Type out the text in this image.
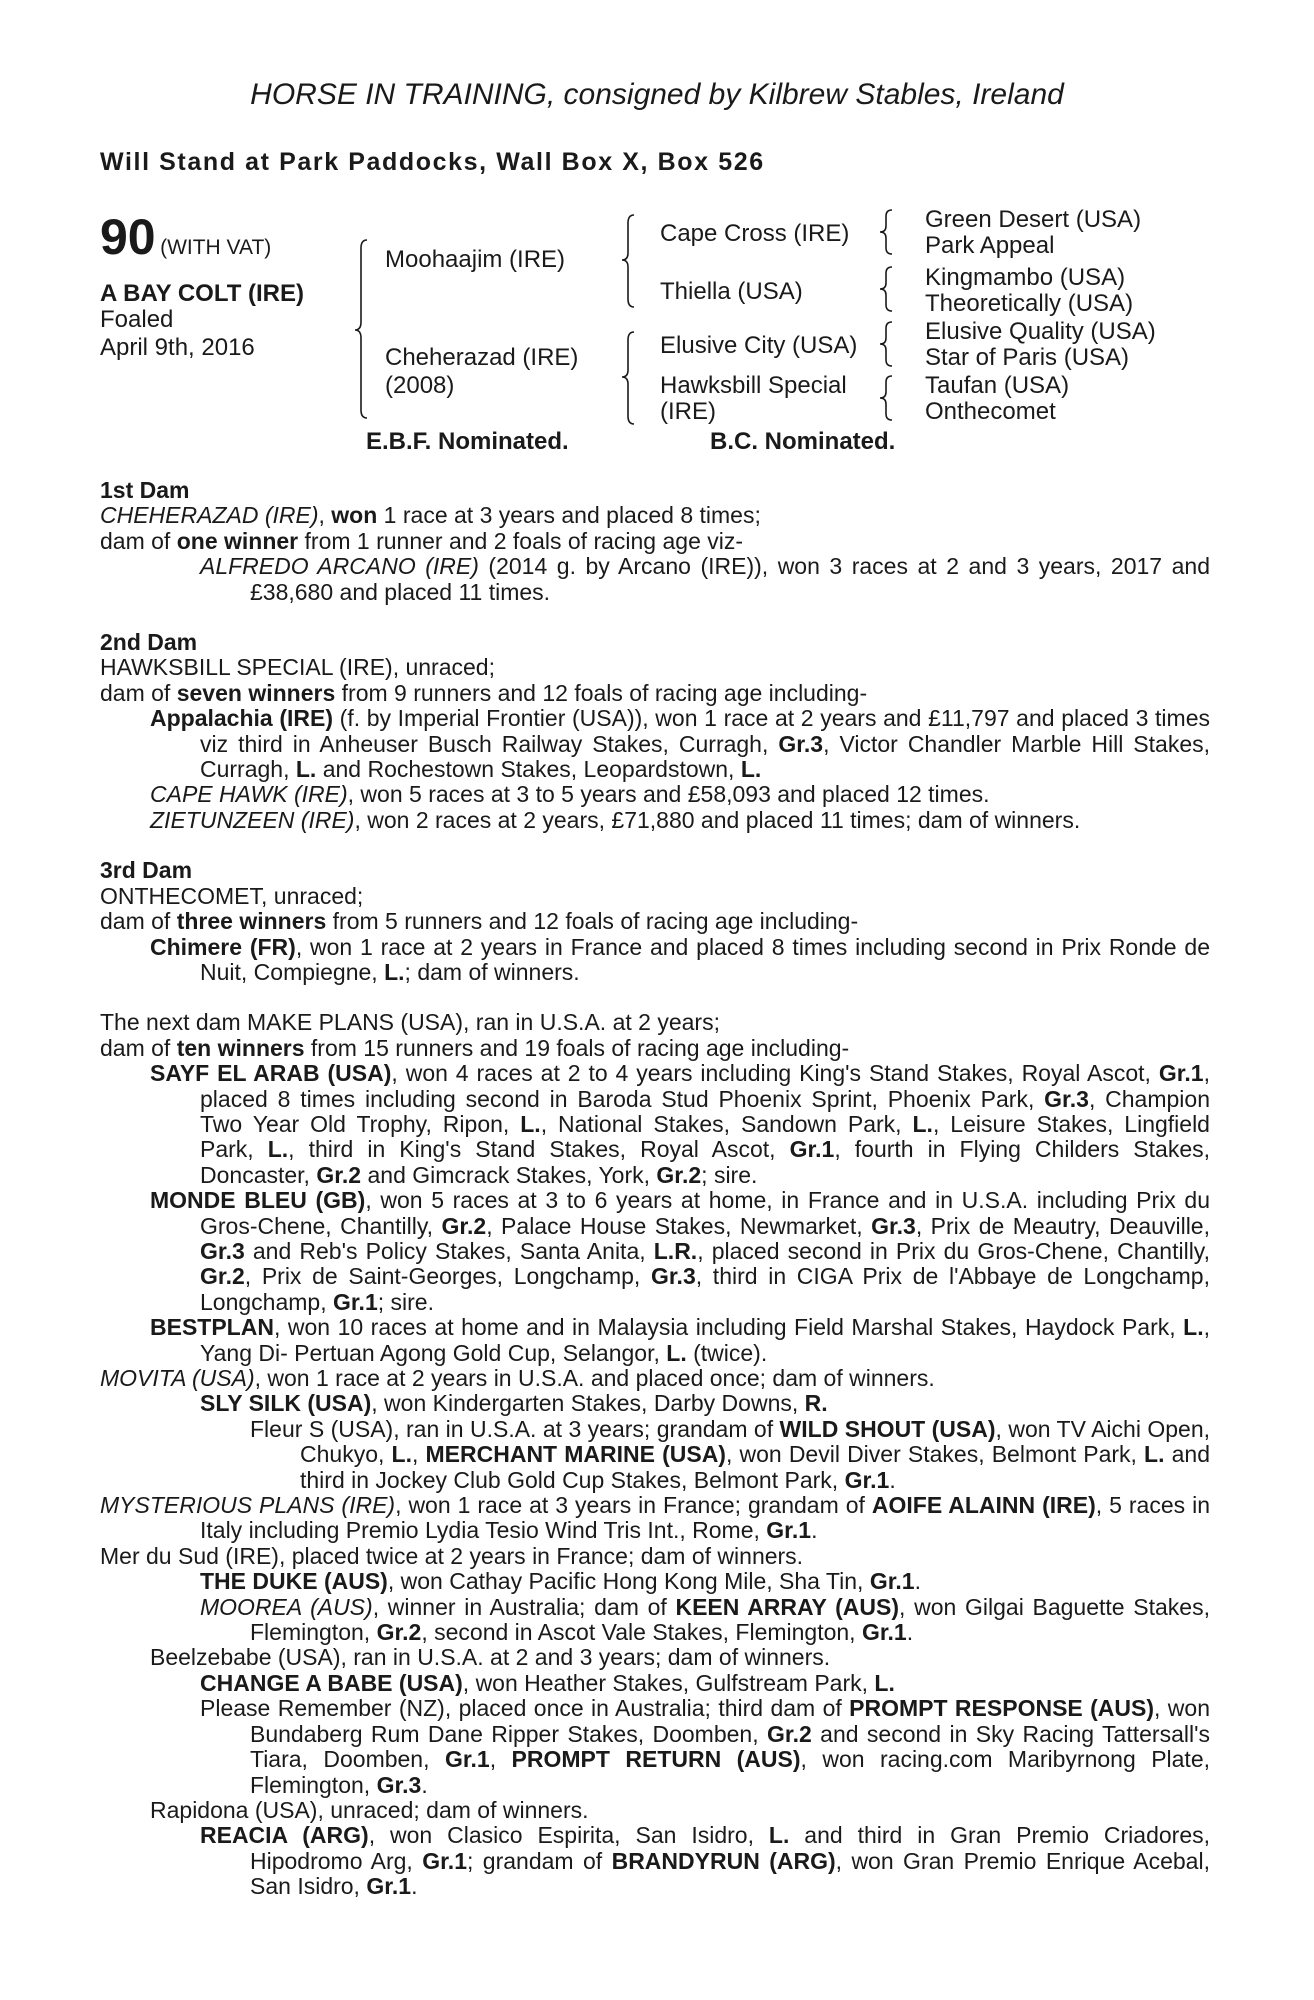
HORSE IN TRAINING, consigned by Kilbrew Stables, Ireland
Will Stand at Park Paddocks, Wall Box X, Box 526
90 (WITH VAT)
A BAY COLT (IRE)
Foaled
April 9th, 2016
Moohaajim (IRE)
Cheherazad (IRE)
(2008)
Cape Cross (IRE)
Thiella (USA)
Elusive City (USA)
Hawksbill Special
(IRE)
Green Desert (USA)
Park Appeal
Kingmambo (USA)
Theoretically (USA)
Elusive Quality (USA)
Star of Paris (USA)
Taufan (USA)
Onthecomet
E.B.F. Nominated.	B.C. Nominated.

1st Dam

CHEHERAZAD (IRE), won 1 race at 3 years and placed 8 times;

dam of one winner from 1 runner and 2 foals of racing age viz-

ALFREDO ARCANO (IRE) (2014 g. by Arcano (IRE)), won 3 races at 2 and 3 years, 2017 and £38,680 and placed 11 times.

2nd Dam

HAWKSBILL SPECIAL (IRE), unraced;

dam of seven winners from 9 runners and 12 foals of racing age including-

Appalachia (IRE) (f. by Imperial Frontier (USA)), won 1 race at 2 years and £11,797 and placed 3 times viz third in Anheuser Busch Railway Stakes, Curragh, Gr.3, Victor Chandler Marble Hill Stakes, Curragh, L. and Rochestown Stakes, Leopardstown, L.

CAPE HAWK (IRE), won 5 races at 3 to 5 years and £58,093 and placed 12 times.

ZIETUNZEEN (IRE), won 2 races at 2 years, £71,880 and placed 11 times; dam of winners.

3rd Dam

ONTHECOMET, unraced;

dam of three winners from 5 runners and 12 foals of racing age including-

Chimere (FR), won 1 race at 2 years in France and placed 8 times including second in Prix Ronde de Nuit, Compiegne, L.; dam of winners.

The next dam MAKE PLANS (USA), ran in U.S.A. at 2 years;

dam of ten winners from 15 runners and 19 foals of racing age including-

SAYF EL ARAB (USA), won 4 races at 2 to 4 years including King's Stand Stakes, Royal Ascot, Gr.1, placed 8 times including second in Baroda Stud Phoenix Sprint, Phoenix Park, Gr.3, Champion Two Year Old Trophy, Ripon, L., National Stakes, Sandown Park, L., Leisure Stakes, Lingfield Park, L., third in King's Stand Stakes, Royal Ascot, Gr.1, fourth in Flying Childers Stakes, Doncaster, Gr.2 and Gimcrack Stakes, York, Gr.2; sire.

MONDE BLEU (GB), won 5 races at 3 to 6 years at home, in France and in U.S.A. including Prix du Gros-Chene, Chantilly, Gr.2, Palace House Stakes, Newmarket, Gr.3, Prix de Meautry, Deauville, Gr.3 and Reb's Policy Stakes, Santa Anita, L.R., placed second in Prix du Gros-Chene, Chantilly, Gr.2, Prix de Saint-Georges, Longchamp, Gr.3, third in CIGA Prix de l'Abbaye de Longchamp, Longchamp, Gr.1; sire.

BESTPLAN, won 10 races at home and in Malaysia including Field Marshal Stakes, Haydock Park, L., Yang Di- Pertuan Agong Gold Cup, Selangor, L. (twice).

MOVITA (USA), won 1 race at 2 years in U.S.A. and placed once; dam of winners.

SLY SILK (USA), won Kindergarten Stakes, Darby Downs, R.

Fleur S (USA), ran in U.S.A. at 3 years; grandam of WILD SHOUT (USA), won TV Aichi Open, Chukyo, L., MERCHANT MARINE (USA), won Devil Diver Stakes, Belmont Park, L. and third in Jockey Club Gold Cup Stakes, Belmont Park, Gr.1.

MYSTERIOUS PLANS (IRE), won 1 race at 3 years in France; grandam of AOIFE ALAINN (IRE), 5 races in Italy including Premio Lydia Tesio Wind Tris Int., Rome, Gr.1.

Mer du Sud (IRE), placed twice at 2 years in France; dam of winners.

THE DUKE (AUS), won Cathay Pacific Hong Kong Mile, Sha Tin, Gr.1.

MOOREA (AUS), winner in Australia; dam of KEEN ARRAY (AUS), won Gilgai Baguette Stakes, Flemington, Gr.2, second in Ascot Vale Stakes, Flemington, Gr.1.

Beelzebabe (USA), ran in U.S.A. at 2 and 3 years; dam of winners.

CHANGE A BABE (USA), won Heather Stakes, Gulfstream Park, L.

Please Remember (NZ), placed once in Australia; third dam of PROMPT RESPONSE (AUS), won Bundaberg Rum Dane Ripper Stakes, Doomben, Gr.2 and second in Sky Racing Tattersall's Tiara, Doomben, Gr.1, PROMPT RETURN (AUS), won racing.com Maribyrnong Plate, Flemington, Gr.3.

Rapidona (USA), unraced; dam of winners.

REACIA (ARG), won Clasico Espirita, San Isidro, L. and third in Gran Premio Criadores, Hipodromo Arg, Gr.1; grandam of BRANDYRUN (ARG), won Gran Premio Enrique Acebal, San Isidro, Gr.1.
